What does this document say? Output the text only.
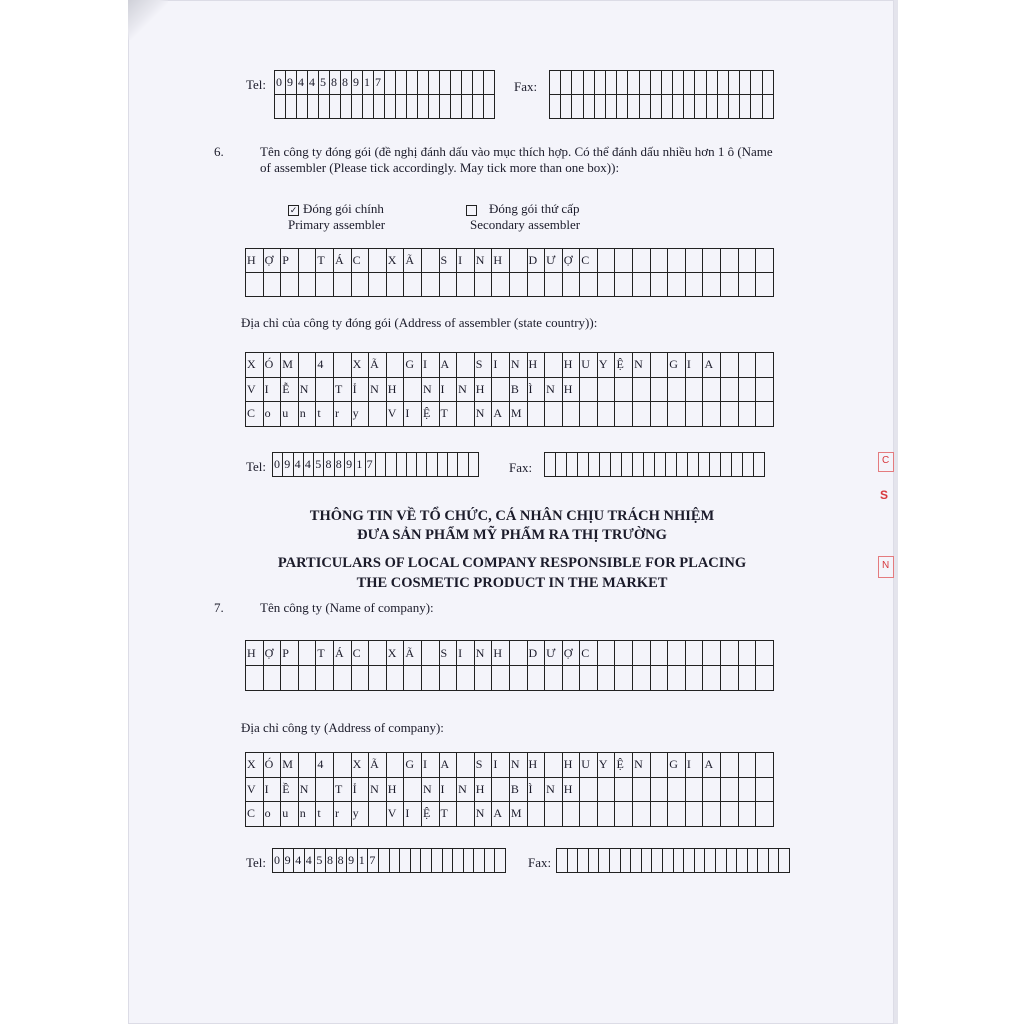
Tel: 0 9 4 4 5 8 8 9 1 7	Fax:
6.	Tên công ty đóng gói (đề nghị đánh dấu vào mục thích hợp. Có thể đánh dấu nhiều hơn 1 ô (Name
of assembler (Please tick accordingly. May tick more than one box)):
✓ Đóng gói chính
Primary assembler
Đóng gói thứ cấp
Secondary assembler
H Ợ P	T Á C	X Ã	S I	N H	D Ư Ợ C
Địa chỉ của công ty đóng gói (Address of assembler (state country)):
X Ó M	4	X Ã	G I	A	S I	N H	H U Y Ệ N	G I	A
V I	Ễ N	T Ỉ	N H	N I	N H	B Ì	N H
C o u n t	r	y	V I	Ệ T	N A M
Tel: 0 9 4 4 5 8 8 9 1 7	Fax:
THÔNG TIN VỀ TỔ CHỨC, CÁ NHÂN CHỊU TRÁCH NHIỆM
ĐƯA SẢN PHẨM MỸ PHẨM RA THỊ TRƯỜNG
PARTICULARS OF LOCAL COMPANY RESPONSIBLE FOR PLACING
THE COSMETIC PRODUCT IN THE MARKET
7.	Tên công ty (Name of company):
H Ợ P	T Á C	X Ã	S I	N H	D Ư Ợ C
Địa chỉ công ty (Address of company):
X Ó M	4	X Ã	G I	A	S I	N H	H U Y Ệ N	G I	A
V I	Ề N	T Ỉ	N H	N I	N H	B Ì	N H
C o u n t	r	y	V I	Ệ T	N A M
Tel: 0 9 4 4 5 8 8 9 1 7	Fax:
C
S
N
